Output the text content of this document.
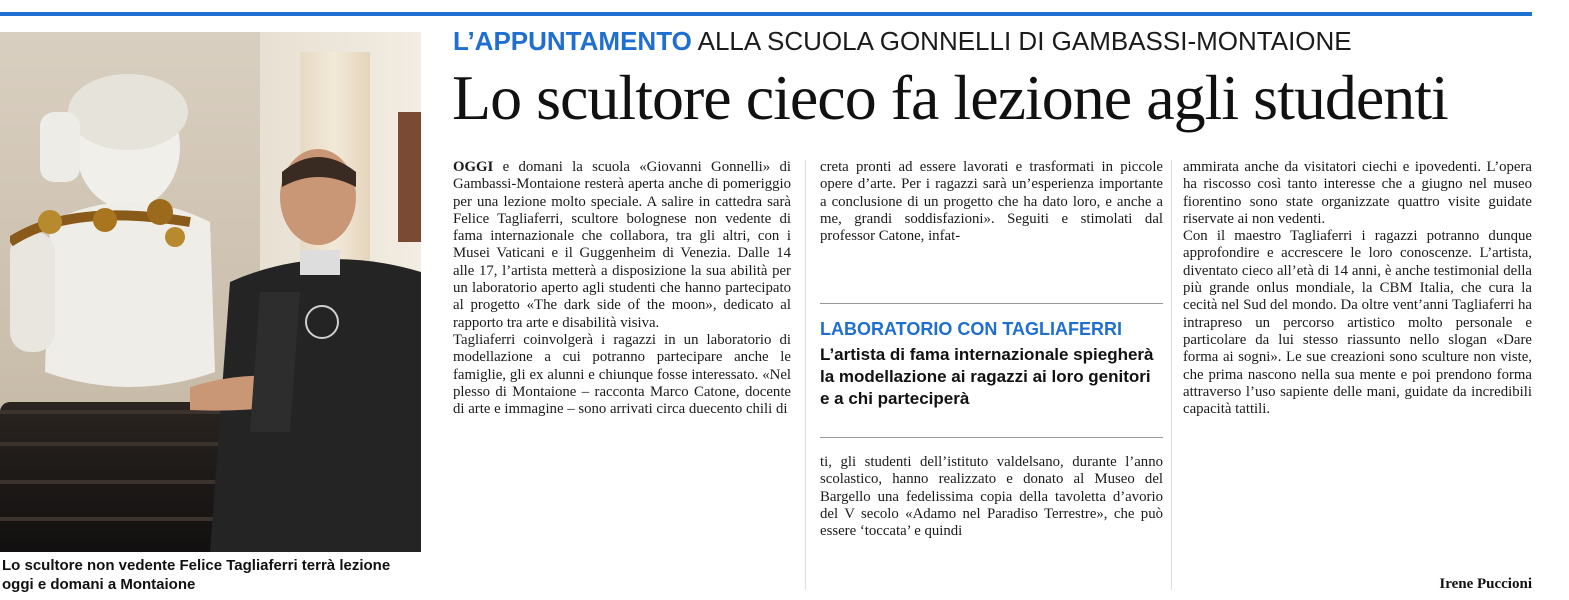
Lo scultore non vedente Felice Tagliaferri terrà lezione oggi e domani a Montaione
L’APPUNTAMENTO ALLA SCUOLA GONNELLI DI GAMBASSI-MONTAIONE
Lo scultore cieco fa lezione agli studenti

OGGI e domani la scuola «Giovanni Gonnelli» di Gambassi-Montaione resterà aperta anche di pomeriggio per una lezione molto speciale. A salire in cattedra sarà Felice Tagliaferri, scultore bolognese non vedente di fama internazionale che collabora, tra gli altri, con i Musei Vaticani e il Guggenheim di Venezia. Dalle 14 alle 17, l’artista metterà a disposizione la sua abilità per un laboratorio aperto agli studenti che hanno partecipato al progetto «The dark side of the moon», dedicato al rapporto tra arte e disabilità visiva.

Tagliaferri coinvolgerà i ragazzi in un laboratorio di modellazione a cui potranno partecipare anche le famiglie, gli ex alunni e chiunque fosse interessato. «Nel plesso di Montaione – racconta Marco Catone, docente di arte e immagine – sono arrivati circa duecento chili di

creta pronti ad essere lavorati e trasformati in piccole opere d’arte. Per i ragazzi sarà un’esperienza importante a conclusione di un progetto che ha dato loro, e anche a me, grandi soddisfazioni». Seguiti e stimolati dal professor Catone, infat-

LABORATORIO CON TAGLIAFERRI
L’artista di fama internazionale spiegherà la modellazione ai ragazzi ai loro genitori e a chi parteciperà

ti, gli studenti dell’istituto valdelsano, durante l’anno scolastico, hanno realizzato e donato al Museo del Bargello una fedelissima copia della tavoletta d’avorio del V secolo «Adamo nel Paradiso Terrestre», che può essere ‘toccata’ e quindi

ammirata anche da visitatori ciechi e ipovedenti. L’opera ha riscosso così tanto interesse che a giugno nel museo fiorentino sono state organizzate quattro visite guidate riservate ai non vedenti.

Con il maestro Tagliaferri i ragazzi potranno dunque approfondire e accrescere le loro conoscenze. L’artista, diventato cieco all’età di 14 anni, è anche testimonial della più grande onlus mondiale, la CBM Italia, che cura la cecità nel Sud del mondo. Da oltre vent’anni Tagliaferri ha intrapreso un percorso artistico molto personale e particolare da lui stesso riassunto nello slogan «Dare forma ai sogni». Le sue creazioni sono sculture non viste, che prima nascono nella sua mente e poi prendono forma attraverso l’uso sapiente delle mani, guidate da incredibili capacità tattili.

Irene Puccioni
